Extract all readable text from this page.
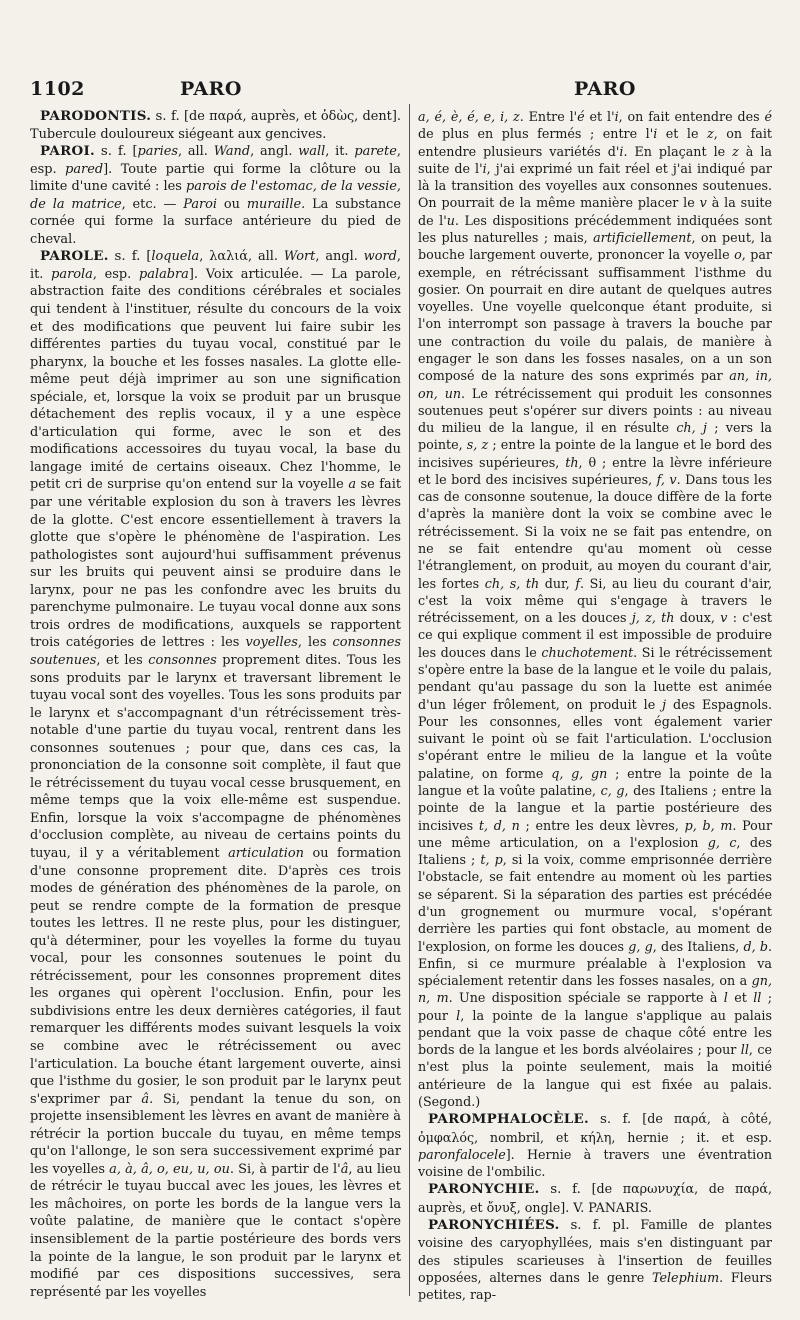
1102	PARO	PARO

PARODONTIS. s. f. [de παρά, auprès, et ὀδὼς, dent]. Tubercule douloureux siégeant aux gencives.

PAROI. s. f. [paries, all. Wand, angl. wall, it. parete, esp. pared]. Toute partie qui forme la clôture ou la limite d'une cavité : les parois de l'estomac, de la vessie, de la matrice, etc. — Paroi ou muraille. La substance cornée qui forme la surface antérieure du pied de cheval.

PAROLE. s. f. [loquela, λαλιά, all. Wort, angl. word, it. parola, esp. palabra]. Voix articulée. — La parole, abstraction faite des conditions cérébrales et sociales qui tendent à l'instituer, résulte du concours de la voix et des modifications que peuvent lui faire subir les différentes parties du tuyau vocal, constitué par le pharynx, la bouche et les fosses nasales. La glotte elle-même peut déjà imprimer au son une signification spéciale, et, lorsque la voix se produit par un brusque détachement des replis vocaux, il y a une espèce d'articulation qui forme, avec le son et des modifications accessoires du tuyau vocal, la base du langage imité de certains oiseaux. Chez l'homme, le petit cri de surprise qu'on entend sur la voyelle a se fait par une véritable explosion du son à travers les lèvres de la glotte. C'est encore essentiellement à travers la glotte que s'opère le phénomène de l'aspiration. Les pathologistes sont aujourd'hui suffisamment prévenus sur les bruits qui peuvent ainsi se produire dans le larynx, pour ne pas les confondre avec les bruits du parenchyme pulmonaire. Le tuyau vocal donne aux sons trois ordres de modifications, auxquels se rapportent trois catégories de lettres : les voyelles, les consonnes soutenues, et les consonnes proprement dites. Tous les sons produits par le larynx et traversant librement le tuyau vocal sont des voyelles. Tous les sons produits par le larynx et s'accompagnant d'un rétrécissement très-notable d'une partie du tuyau vocal, rentrent dans les consonnes soutenues ; pour que, dans ces cas, la prononciation de la consonne soit complète, il faut que le rétrécissement du tuyau vocal cesse brusquement, en même temps que la voix elle-même est suspendue. Enfin, lorsque la voix s'accompagne de phénomènes d'occlusion complète, au niveau de certains points du tuyau, il y a véritablement articulation ou formation d'une consonne proprement dite. D'après ces trois modes de génération des phénomènes de la parole, on peut se rendre compte de la formation de presque toutes les lettres. Il ne reste plus, pour les distinguer, qu'à déterminer, pour les voyelles la forme du tuyau vocal, pour les consonnes soutenues le point du rétrécissement, pour les consonnes proprement dites les organes qui opèrent l'occlusion. Enfin, pour les subdivisions entre les deux dernières catégories, il faut remarquer les différents modes suivant lesquels la voix se combine avec le rétrécissement ou avec l'articulation. La bouche étant largement ouverte, ainsi que l'isthme du gosier, le son produit par le larynx peut s'exprimer par â. Si, pendant la tenue du son, on projette insensiblement les lèvres en avant de manière à rétrécir la portion buccale du tuyau, en même temps qu'on l'allonge, le son sera successivement exprimé par les voyelles a, à, â, o, eu, u, ou. Si, à partir de l'â, au lieu de rétrécir le tuyau buccal avec les joues, les lèvres et les mâchoires, on porte les bords de la langue vers la voûte palatine, de manière que le contact s'opère insensiblement de la partie postérieure des bords vers la pointe de la langue, le son produit par le larynx et modifié par ces dispositions successives, sera représenté par les voyelles

a, é, è, é, e, i, z. Entre l'é et l'i, on fait entendre des é de plus en plus fermés ; entre l'i et le z, on fait entendre plusieurs variétés d'i. En plaçant le z à la suite de l'i, j'ai exprimé un fait réel et j'ai indiqué par là la transition des voyelles aux consonnes soutenues. On pourrait de la même manière placer le v à la suite de l'u. Les dispositions précédemment indiquées sont les plus naturelles ; mais, artificiellement, on peut, la bouche largement ouverte, prononcer la voyelle o, par exemple, en rétrécissant suffisamment l'isthme du gosier. On pourrait en dire autant de quelques autres voyelles. Une voyelle quelconque étant produite, si l'on interrompt son passage à travers la bouche par une contraction du voile du palais, de manière à engager le son dans les fosses nasales, on a un son composé de la nature des sons exprimés par an, in, on, un. Le rétrécissement qui produit les consonnes soutenues peut s'opérer sur divers points : au niveau du milieu de la langue, il en résulte ch, j ; vers la pointe, s, z ; entre la pointe de la langue et le bord des incisives supérieures, th, θ ; entre la lèvre inférieure et le bord des incisives supérieures, f, v. Dans tous les cas de consonne soutenue, la douce diffère de la forte d'après la manière dont la voix se combine avec le rétrécissement. Si la voix ne se fait pas entendre, on ne se fait entendre qu'au moment où cesse l'étranglement, on produit, au moyen du courant d'air, les fortes ch, s, th dur, f. Si, au lieu du courant d'air, c'est la voix même qui s'engage à travers le rétrécissement, on a les douces j, z, th doux, v : c'est ce qui explique comment il est impossible de produire les douces dans le chuchotement. Si le rétrécissement s'opère entre la base de la langue et le voile du palais, pendant qu'au passage du son la luette est animée d'un léger frôlement, on produit le j des Espagnols. Pour les consonnes, elles vont également varier suivant le point où se fait l'articulation. L'occlusion s'opérant entre le milieu de la langue et la voûte palatine, on forme q, g, gn ; entre la pointe de la langue et la voûte palatine, c, g, des Italiens ; entre la pointe de la langue et la partie postérieure des incisives t, d, n ; entre les deux lèvres, p, b, m. Pour une même articulation, on a l'explosion g, c, des Italiens ; t, p, si la voix, comme emprisonnée derrière l'obstacle, se fait entendre au moment où les parties se séparent. Si la séparation des parties est précédée d'un grognement ou murmure vocal, s'opérant derrière les parties qui font obstacle, au moment de l'explosion, on forme les douces g, g, des Italiens, d, b. Enfin, si ce murmure préalable à l'explosion va spécialement retentir dans les fosses nasales, on a gn, n, m. Une disposition spéciale se rapporte à l et ll ; pour l, la pointe de la langue s'applique au palais pendant que la voix passe de chaque côté entre les bords de la langue et les bords alvéolaires ; pour ll, ce n'est plus la pointe seulement, mais la moitié antérieure de la langue qui est fixée au palais. (Segond.)

PAROMPHALOCÈLE. s. f. [de παρά, à côté, ὀμφαλός, nombril, et κήλη, hernie ; it. et esp. paronfalocele]. Hernie à travers une éventration voisine de l'ombilic.

PARONYCHIE. s. f. [de παρωνυχία, de παρά, auprès, et ὄνυξ, ongle]. V. PANARIS.

PARONYCHIÉES. s. f. pl. Famille de plantes voisine des caryophyllées, mais s'en distinguant par des stipules scarieuses à l'insertion de feuilles opposées, alternes dans le genre Telephium. Fleurs petites, rap-
